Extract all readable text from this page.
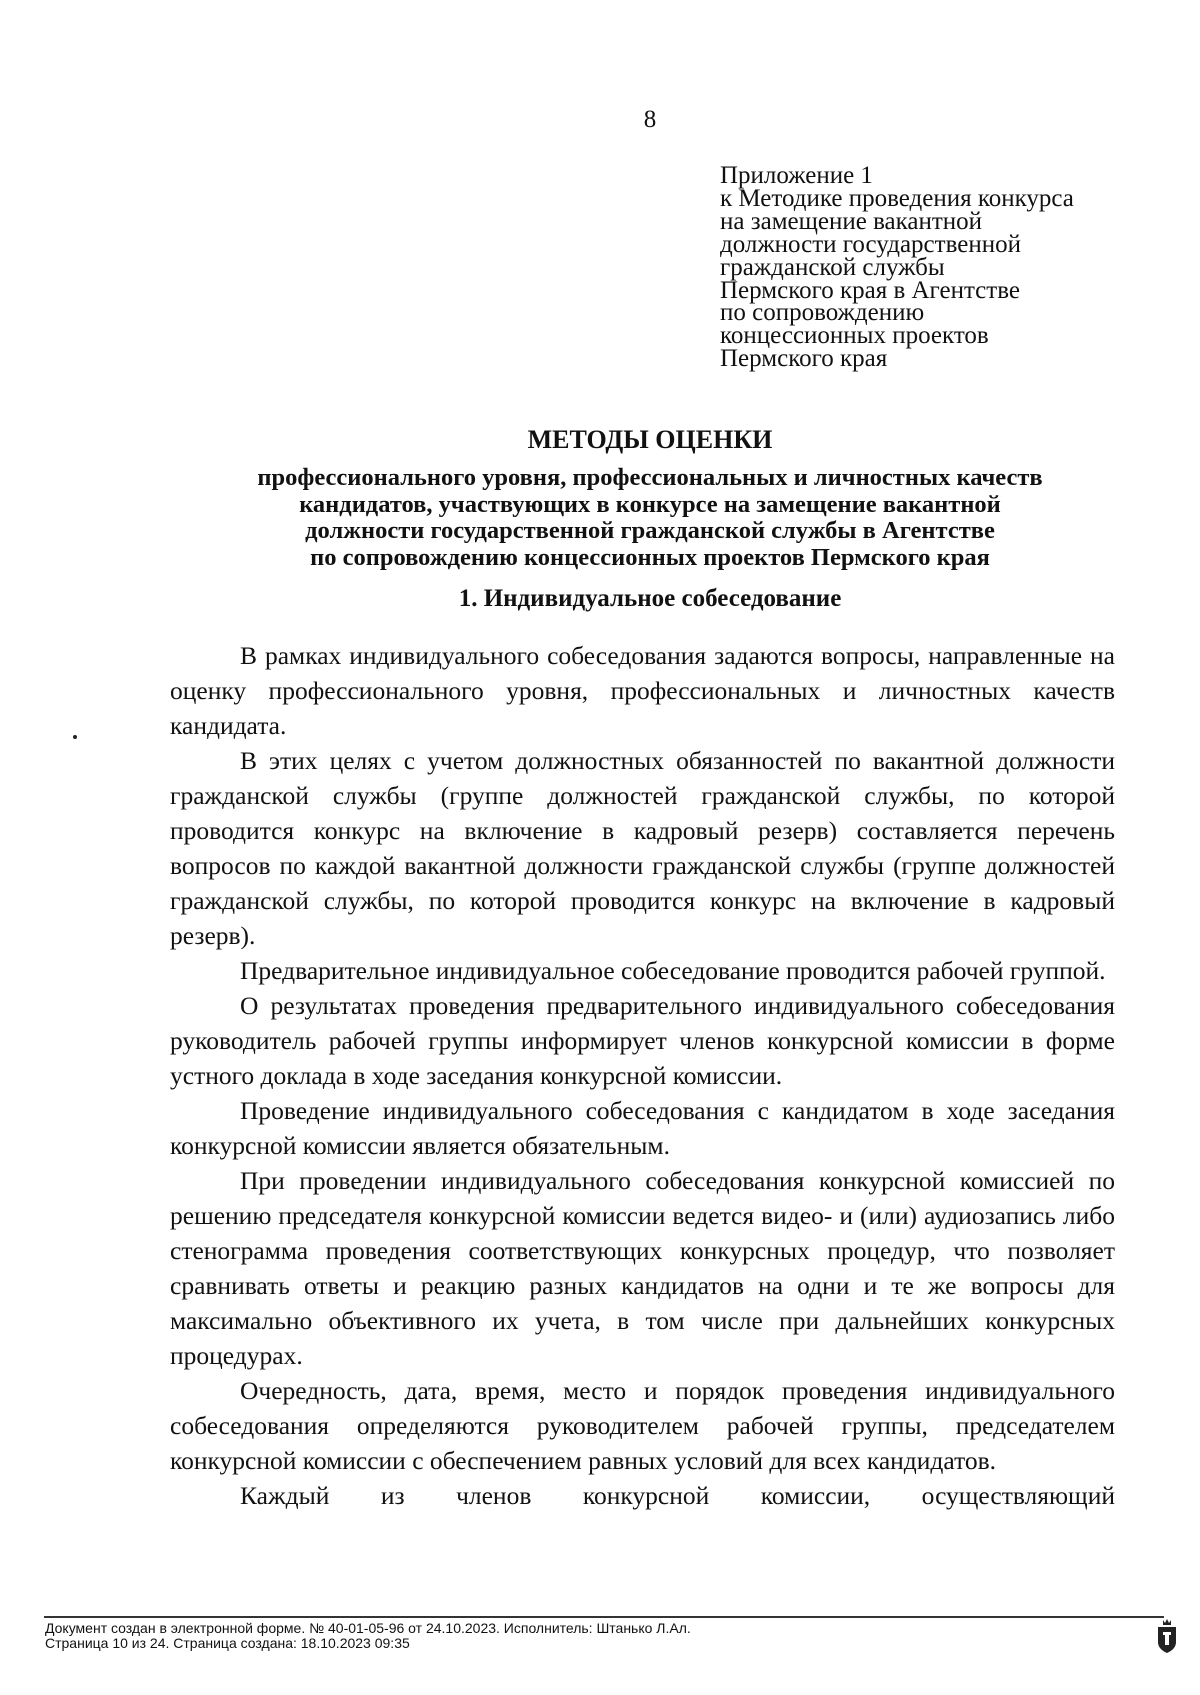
8
Приложение 1
к Методике проведения конкурса
на замещение вакантной
должности государственной
гражданской службы
Пермского края в Агентстве
по сопровождению
концессионных проектов
Пермского края
МЕТОДЫ ОЦЕНКИ
профессионального уровня, профессиональных и личностных качеств
кандидатов, участвующих в конкурсе на замещение вакантной
должности государственной гражданской службы в Агентстве
по сопровождению концессионных проектов Пермского края
1. Индивидуальное собеседование

В рамках индивидуального собеседования задаются вопросы, направленные на оценку профессионального уровня, профессиональных и личностных качеств кандидата.

В этих целях с учетом должностных обязанностей по вакантной должности гражданской службы (группе должностей гражданской службы, по которой проводится конкурс на включение в кадровый резерв) составляется перечень вопросов по каждой вакантной должности гражданской службы (группе должностей гражданской службы, по которой проводится конкурс на включение в кадровый резерв).

Предварительное индивидуальное собеседование проводится рабочей группой.

О результатах проведения предварительного индивидуального собеседования руководитель рабочей группы информирует членов конкурсной комиссии в форме устного доклада в ходе заседания конкурсной комиссии.

Проведение индивидуального собеседования с кандидатом в ходе заседания конкурсной комиссии является обязательным.

При проведении индивидуального собеседования конкурсной комиссией по решению председателя конкурсной комиссии ведется видео- и (или) аудиозапись либо стенограмма проведения соответствующих конкурсных процедур, что позволяет сравнивать ответы и реакцию разных кандидатов на одни и те же вопросы для максимально объективного их учета, в том числе при дальнейших конкурсных процедурах.

Очередность, дата, время, место и порядок проведения индивидуального собеседования определяются руководителем рабочей группы, председателем конкурсной комиссии с обеспечением равных условий для всех кандидатов.

Каждый из членов конкурсной комиссии, осуществляющий

Документ создан в электронной форме. № 40-01-05-96 от 24.10.2023. Исполнитель: Штанько Л.Ал.
Страница 10 из 24. Страница создана: 18.10.2023 09:35
